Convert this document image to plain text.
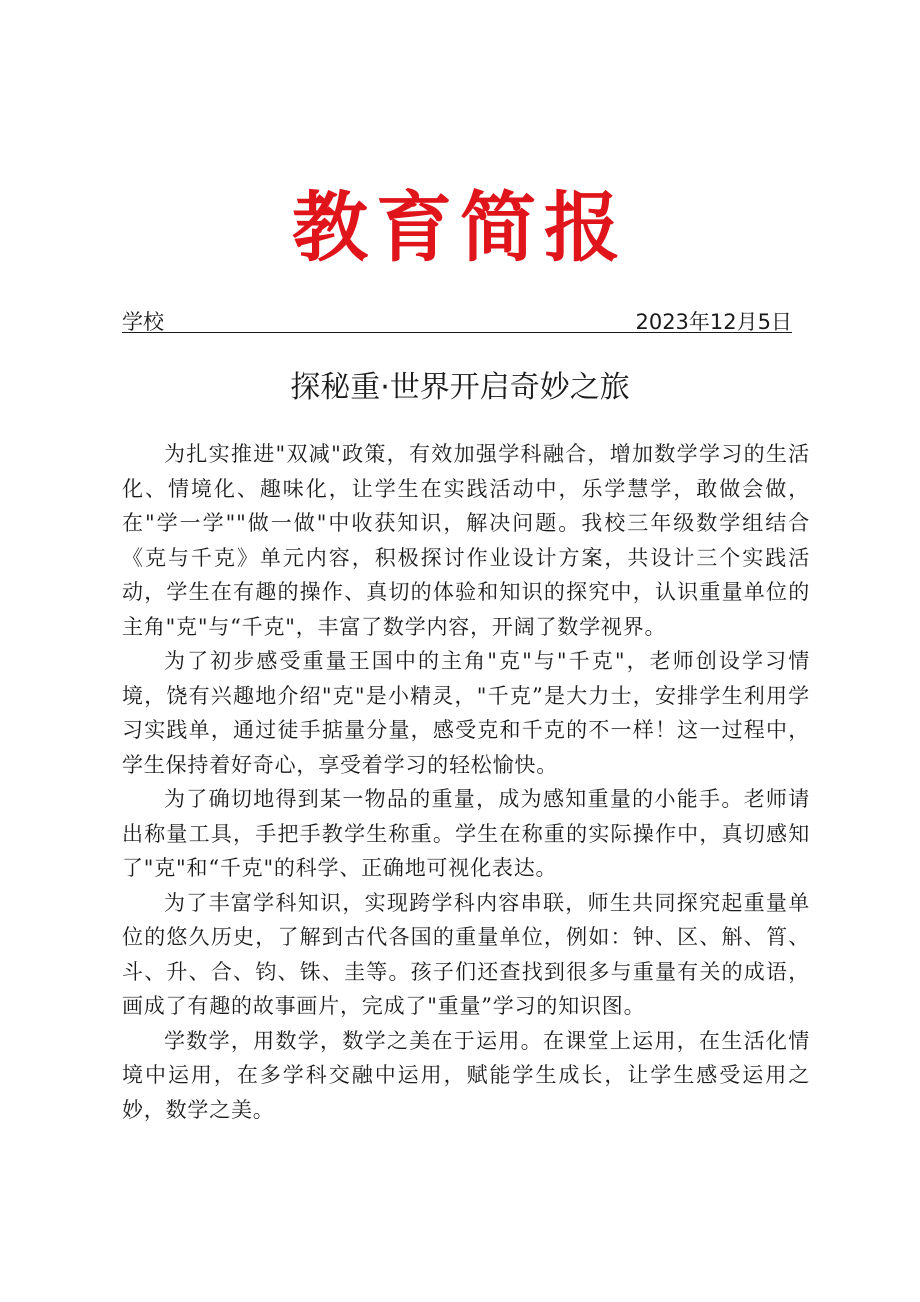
教育简报
学校	2023年12月5日
探秘重·世界开启奇妙之旅

为扎实推进"双减"政策，有效加强学科融合，增加数学学习的生活化、情境化、趣味化，让学生在实践活动中，乐学慧学，敢做会做，在"学一学""做一做"中收获知识，解决问题。我校三年级数学组结合《克与千克》单元内容，积极探讨作业设计方案，共设计三个实践活动，学生在有趣的操作、真切的体验和知识的探究中，认识重量单位的主角"克"与“千克"，丰富了数学内容，开阔了数学视界。

为了初步感受重量王国中的主角"克"与"千克"，老师创设学习情境，饶有兴趣地介绍"克"是小精灵，"千克”是大力士，安排学生利用学习实践单，通过徒手掂量分量，感受克和千克的不一样！这一过程中，学生保持着好奇心，享受着学习的轻松愉快。

为了确切地得到某一物品的重量，成为感知重量的小能手。老师请出称量工具，手把手教学生称重。学生在称重的实际操作中，真切感知了"克"和“千克"的科学、正确地可视化表达。

为了丰富学科知识，实现跨学科内容串联，师生共同探究起重量单位的悠久历史，了解到古代各国的重量单位，例如：钟、区、斛、筲、斗、升、合、钧、铢、圭等。孩子们还查找到很多与重量有关的成语，画成了有趣的故事画片，完成了"重量”学习的知识图。

学数学，用数学，数学之美在于运用。在课堂上运用，在生活化情境中运用，在多学科交融中运用，赋能学生成长，让学生感受运用之妙，数学之美。
